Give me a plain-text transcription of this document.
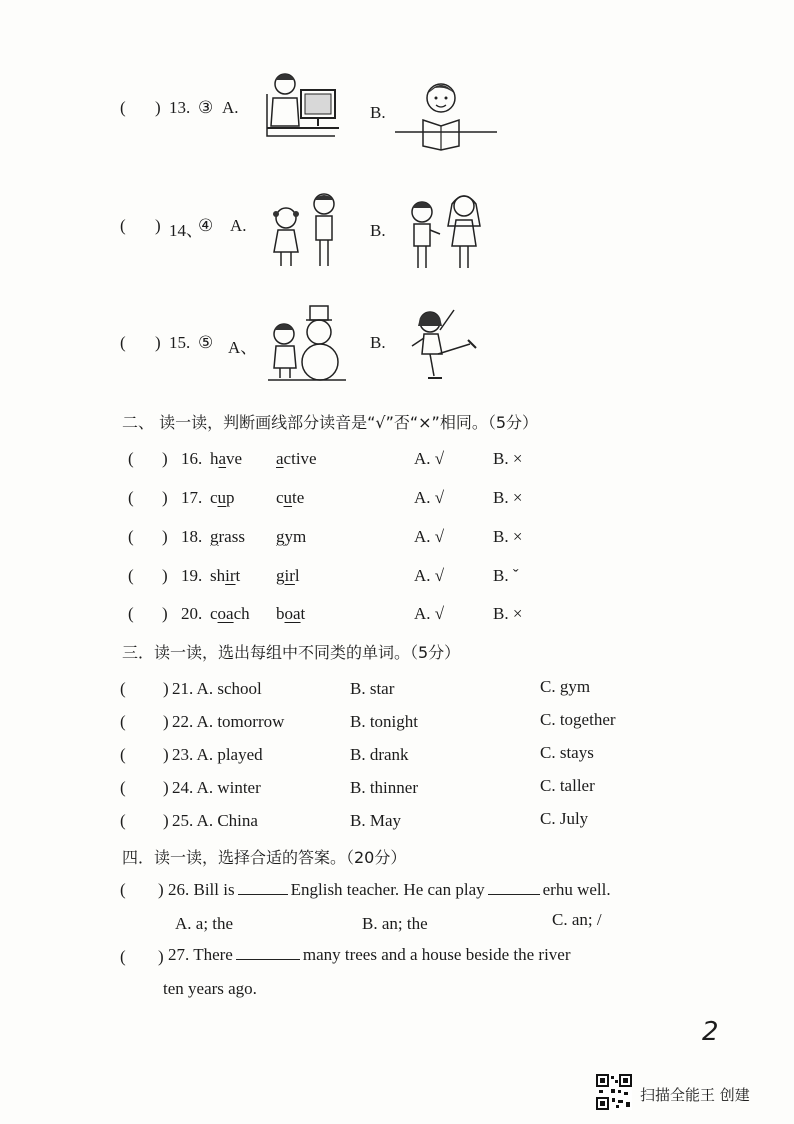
( ) 13. ③ A.	B.
( ) 14、
④ A.	B.
( ) 15. ⑤ A、	B.
二、 读一读，判断画线部分读音是“√”否“×”相同。（5分）
( ) 16. have active	A. √	B. ×
( ) 17. cup cute	A. √	B. ×
( ) 18. grass gym	A. √	B. ×
( ) 19. shirt girl	A. √	B. ˇ
( ) 20. coach boat	A. √	B. ×
三．读一读，选出每组中不同类的单词。（5分）
( ) 21. A. school	B. star	C. gym
( ) 22. A. tomorrow	B. tonight	C. together
( ) 23. A. played	B. drank	C. stays
( ) 24. A. winter	B. thinner	C. taller
( ) 25. A. China	B. May	C. July
四．读一读，选择合适的答案。（20分）
( ) 26. Bill is	English teacher. He can play	erhu well.
A. a; the	B. an; the	C. an; /
( ) 27. There	many trees and a house beside the river
ten years ago.
2
扫描全能王 创建
